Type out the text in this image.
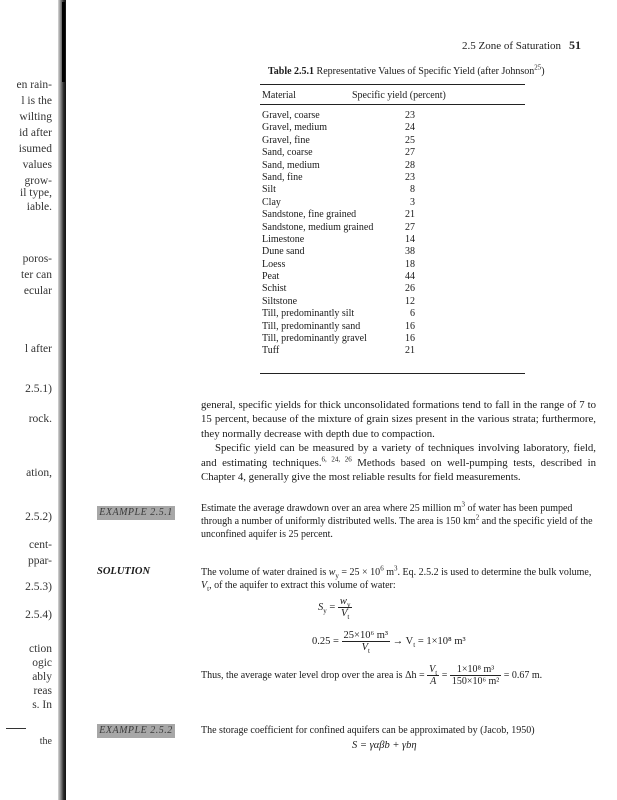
en rain-
l is the
wilting
id after
isumed
values
grow-
il type,
iable.
poros-
ter can
ecular
l after
2.5.1)
rock.
ation,
2.5.2)
cent-
ppar-
2.5.3)
2.5.4)
ction
ogic
ably
reas
s. In
the
2.5 Zone of Saturation 51
Table 2.5.1 Representative Values of Specific Yield (after Johnson$^{25}$)
Material	Specific yield (percent)
Gravel, coarse	23
Gravel, medium	24
Gravel, fine	25
Sand, coarse	27
Sand, medium	28
Sand, fine	23
Silt	8
Clay	3
Sandstone, fine grained	21
Sandstone, medium grained	27
Limestone	14
Dune sand	38
Loess	18
Peat	44
Schist	26
Siltstone	12
Till, predominantly silt	6
Till, predominantly sand	16
Till, predominantly gravel	16
Tuff	21
general, specific yields for thick unconsolidated formations tend to fall in the range of 7 to 15 percent, because of the mixture of grain sizes present in the various strata; furthermore, they normally decrease with depth due to compaction.
Specific yield can be measured by a variety of techniques involving laboratory, field, and estimating techniques.$^{6, 24, 26}$ Methods based on well-pumping tests, described in Chapter 4, generally give the most reliable results for field measurements.
EXAMPLE 2.5.1	Estimate the average drawdown over an area where 25 million $m^3$ of water has been pumped through a number of uniformly distributed wells. The area is 150 $km^2$ and the specific yield of the unconfined aquifer is 25 percent.
SOLUTION	The volume of water drained is $w_y = 25 \times 10^6$ $m^3$. Eq. 2.5.2 is used to determine the bulk volume, $V_t$, of the aquifer to extract this volume of water:
$S_y = \frac{w_y}{V_t}$
$0.25 = \frac{\text{25×10⁶ m³}}{V_t} \to V_t = 1\times 10^8$ m³
Thus, the average water level drop over the area is $\Delta h = \frac{V_t}{A} = \frac{\text{1×10⁸ m³}}{\text{150×10⁶ m²}} = 0.67$ m.
EXAMPLE 2.5.2	The storage coefficient for confined aquifers can be approximated by (Jacob, 1950)
S = γαβb + γbη
